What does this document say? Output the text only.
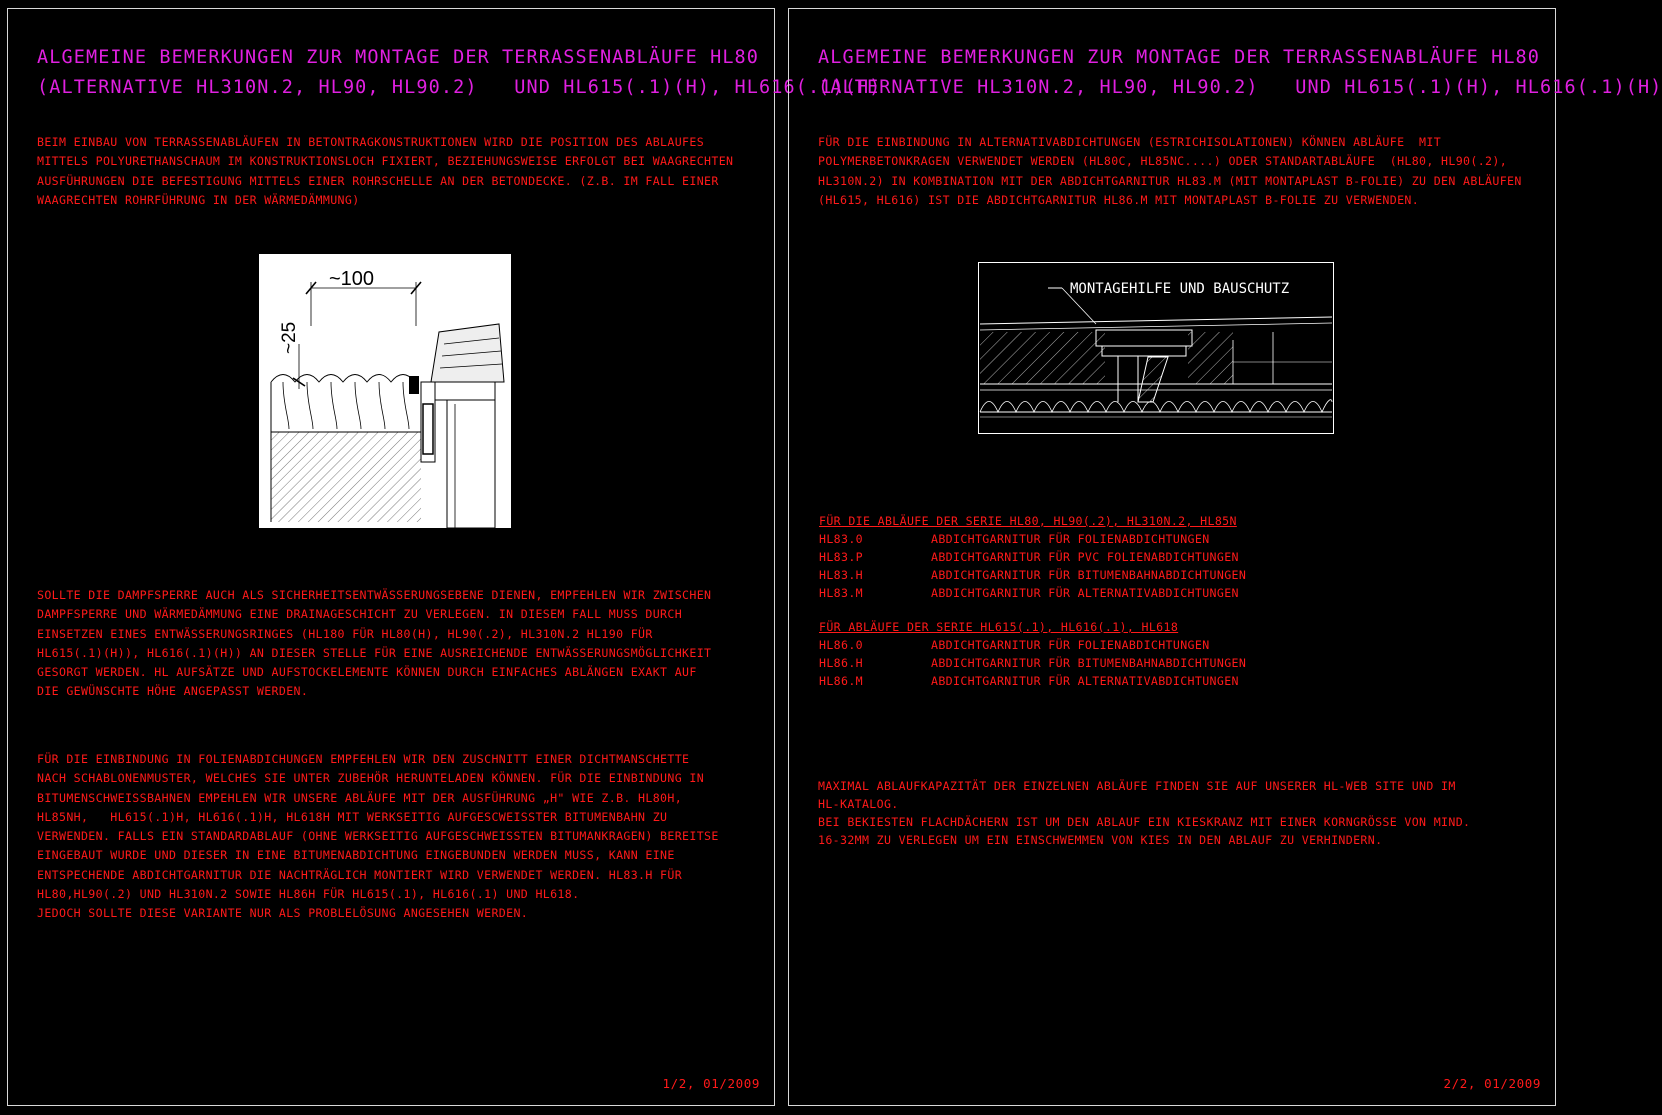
ALGEMEINE BEMERKUNGEN ZUR MONTAGE DER TERRASSENABLÄUFE HL80
(ALTERNATIVE HL310N.2, HL90, HL90.2)   UND HL615(.1)(H), HL616(.1)(H)
BEIM EINBAU VON TERRASSENABLÄUFEN IN BETONTRAGKONSTRUKTIONEN WIRD DIE POSITION DES ABLAUFES
MITTELS POLYURETHANSCHAUM IM KONSTRUKTIONSLOCH FIXIERT, BEZIEHUNGSWEISE ERFOLGT BEI WAAGRECHTEN
AUSFÜHRUNGEN DIE BEFESTIGUNG MITTELS EINER ROHRSCHELLE AN DER BETONDECKE. (Z.B. IM FALL EINER
WAAGRECHTEN ROHRFÜHRUNG IN DER WÄRMEDÄMMUNG)
~100
~25
SOLLTE DIE DAMPFSPERRE AUCH ALS SICHERHEITSENTWÄSSERUNGSEBENE DIENEN, EMPFEHLEN WIR ZWISCHEN
DAMPFSPERRE UND WÄRMEDÄMMUNG EINE DRAINAGESCHICHT ZU VERLEGEN. IN DIESEM FALL MUSS DURCH
EINSETZEN EINES ENTWÄSSERUNGSRINGES (HL180 FÜR HL80(H), HL90(.2), HL310N.2 HL190 FÜR
HL615(.1)(H)), HL616(.1)(H)) AN DIESER STELLE FÜR EINE AUSREICHENDE ENTWÄSSERUNGSMÖGLICHKEIT
GESORGT WERDEN. HL AUFSÄTZE UND AUFSTOCKELEMENTE KÖNNEN DURCH EINFACHES ABLÄNGEN EXAKT AUF
DIE GEWÜNSCHTE HÖHE ANGEPASST WERDEN.
FÜR DIE EINBINDUNG IN FOLIENABDICHUNGEN EMPFEHLEN WIR DEN ZUSCHNITT EINER DICHTMANSCHETTE
NACH SCHABLONENMUSTER, WELCHES SIE UNTER ZUBEHÖR HERUNTELADEN KÖNNEN. FÜR DIE EINBINDUNG IN
BITUMENSCHWEISSBAHNEN EMPEHLEN WIR UNSERE ABLÄUFE MIT DER AUSFÜHRUNG „H" WIE Z.B. HL80H,
HL85NH,   HL615(.1)H, HL616(.1)H, HL618H MIT WERKSEITIG AUFGESCWEISSTER BITUMENBAHN ZU
VERWENDEN. FALLS EIN STANDARDABLAUF (OHNE WERKSEITIG AUFGESCHWEISSTEN BITUMANKRAGEN) BEREITSE
EINGEBAUT WURDE UND DIESER IN EINE BITUMENABDICHTUNG EINGEBUNDEN WERDEN MUSS, KANN EINE
ENTSPECHENDE ABDICHTGARNITUR DIE NACHTRÄGLICH MONTIERT WIRD VERWENDET WERDEN. HL83.H FÜR
HL80,HL90(.2) UND HL310N.2 SOWIE HL86H FÜR HL615(.1), HL616(.1) UND HL618.
JEDOCH SOLLTE DIESE VARIANTE NUR ALS PROBLELÖSUNG ANGESEHEN WERDEN.
1/2, 01/2009
ALGEMEINE BEMERKUNGEN ZUR MONTAGE DER TERRASSENABLÄUFE HL80
(ALTERNATIVE HL310N.2, HL90, HL90.2)   UND HL615(.1)(H), HL616(.1)(H)
FÜR DIE EINBINDUNG IN ALTERNATIVABDICHTUNGEN (ESTRICHISOLATIONEN) KÖNNEN ABLÄUFE  MIT
POLYMERBETONKRAGEN VERWENDET WERDEN (HL80C, HL85NC....) ODER STANDARTABLÄUFE  (HL80, HL90(.2),
HL310N.2) IN KOMBINATION MIT DER ABDICHTGARNITUR HL83.M (MIT MONTAPLAST B-FOLIE) ZU DEN ABLÄUFEN
(HL615, HL616) IST DIE ABDICHTGARNITUR HL86.M MIT MONTAPLAST B-FOLIE ZU VERWENDEN.
MONTAGEHILFE UND BAUSCHUTZ
FÜR DIE ABLÄUFE DER SERIE HL80, HL90(.2), HL310N.2, HL85N
HL83.0	ABDICHTGARNITUR FÜR FOLIENABDICHTUNGEN
HL83.P	ABDICHTGARNITUR FÜR PVC FOLIENABDICHTUNGEN
HL83.H	ABDICHTGARNITUR FÜR BITUMENBAHNABDICHTUNGEN
HL83.M	ABDICHTGARNITUR FÜR ALTERNATIVABDICHTUNGEN
FÜR ABLÄUFE DER SERIE HL615(.1), HL616(.1), HL618
HL86.0	ABDICHTGARNITUR FÜR FOLIENABDICHTUNGEN
HL86.H	ABDICHTGARNITUR FÜR BITUMENBAHNABDICHTUNGEN
HL86.M	ABDICHTGARNITUR FÜR ALTERNATIVABDICHTUNGEN
MAXIMAL ABLAUFKAPAZITÄT DER EINZELNEN ABLÄUFE FINDEN SIE AUF UNSERER HL-WEB SITE UND IM
HL-KATALOG.
BEI BEKIESTEN FLACHDÄCHERN IST UM DEN ABLAUF EIN KIESKRANZ MIT EINER KORNGRÖSSE VON MIND.
16-32MM ZU VERLEGEN UM EIN EINSCHWEMMEN VON KIES IN DEN ABLAUF ZU VERHINDERN.
2/2, 01/2009
